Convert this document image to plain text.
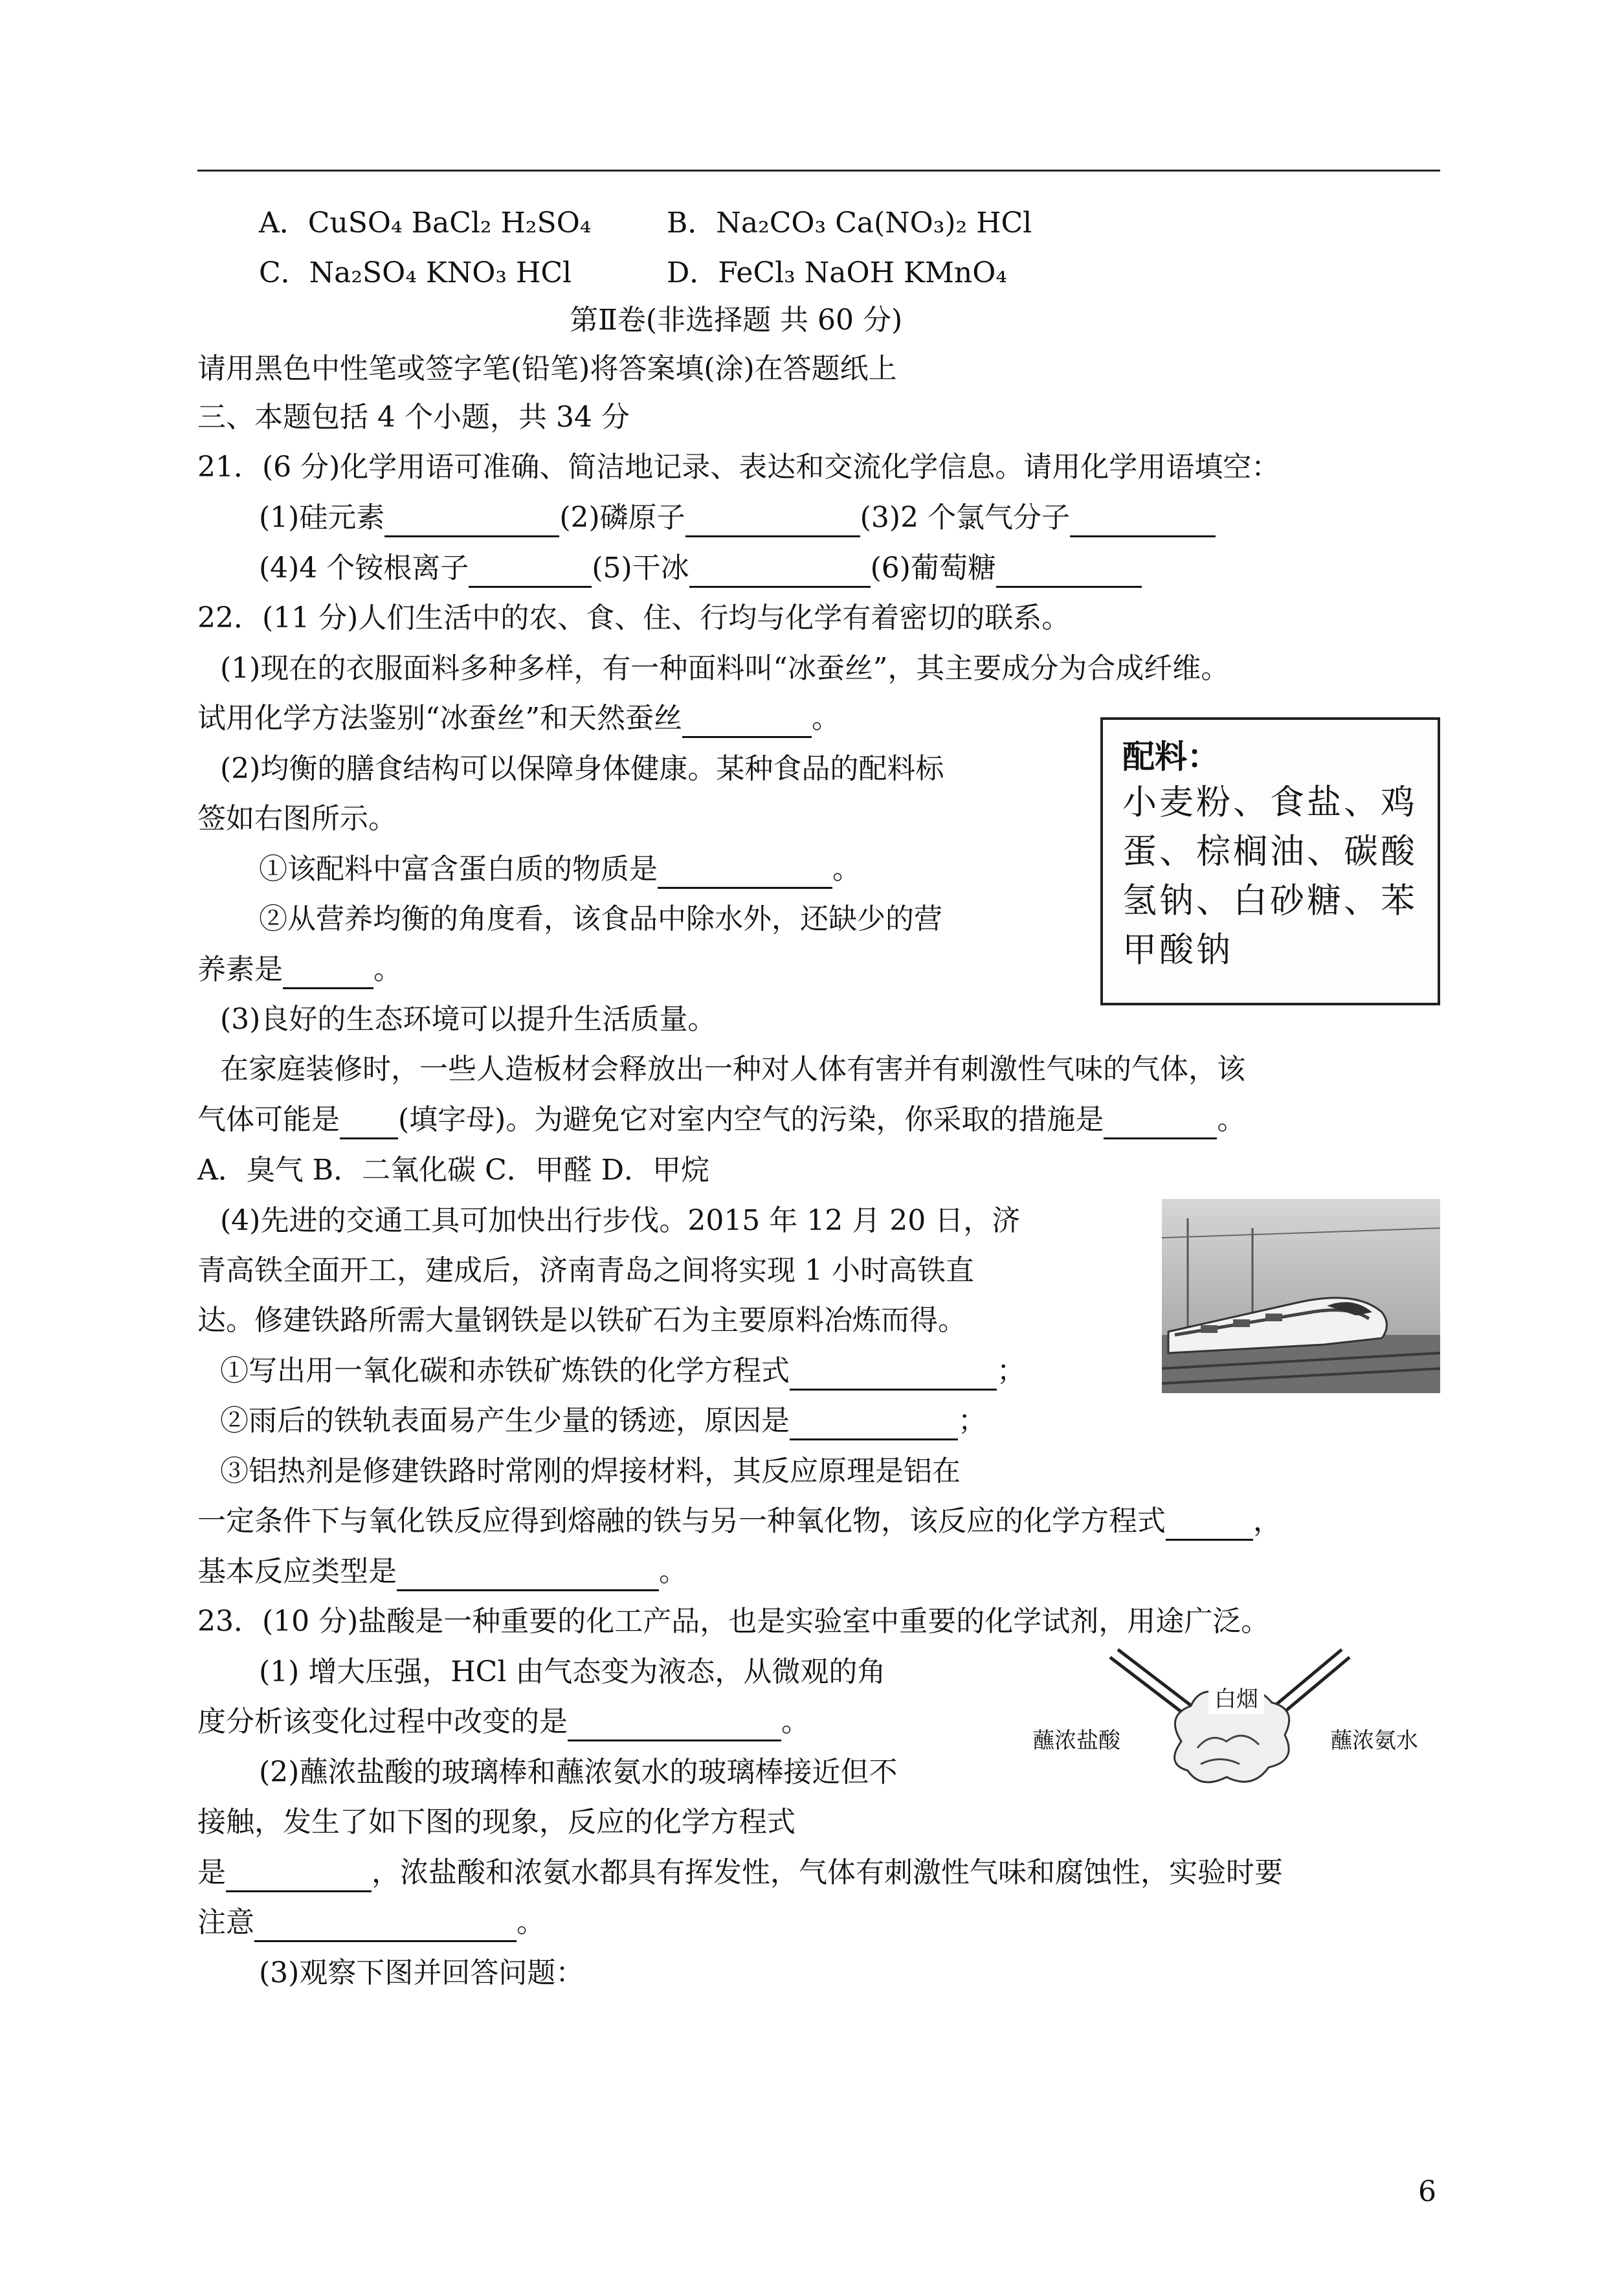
A．CuSO₄ BaCl₂ H₂SO₄	B．Na₂CO₃ Ca(NO₃)₂ HCl
C．Na₂SO₄ KNO₃ HCl	D．FeCl₃ NaOH KMnO₄
第Ⅱ卷(非选择题 共 60 分)
请用黑色中性笔或签字笔(铅笔)将答案填(涂)在答题纸上
三、本题包括 4 个小题，共 34 分
21．(6 分)化学用语可准确、简洁地记录、表达和交流化学信息。请用化学用语填空：
(1)硅元素	(2)磷原子	(3)2 个氯气分子
(4)4 个铵根离子	(5)干冰	(6)葡萄糖
22．(11 分)人们生活中的农、食、住、行均与化学有着密切的联系。
(1)现在的衣服面料多种多样，有一种面料叫“冰蚕丝”，其主要成分为合成纤维。
试用化学方法鉴别“冰蚕丝”和天然蚕丝	。
(2)均衡的膳食结构可以保障身体健康。某种食品的配料标
签如右图所示。
①该配料中富含蛋白质的物质是	。
②从营养均衡的角度看，该食品中除水外，还缺少的营
养素是	。
配料：
小麦粉、食盐、鸡
蛋、棕榈油、碳酸
氢钠、白砂糖、苯
甲酸钠
(3)良好的生态环境可以提升生活质量。
在家庭装修时，一些人造板材会释放出一种对人体有害并有刺激性气味的气体，该
气体可能是 (填字母)。为避免它对室内空气的污染，你采取的措施是	。
A．臭气 B．二氧化碳 C．甲醛 D．甲烷
(4)先进的交通工具可加快出行步伐。2015 年 12 月 20 日，济
青高铁全面开工，建成后，济南青岛之间将实现 1 小时高铁直
达。修建铁路所需大量钢铁是以铁矿石为主要原料冶炼而得。
①写出用一氧化碳和赤铁矿炼铁的化学方程式	；
②雨后的铁轨表面易产生少量的锈迹，原因是	；
③铝热剂是修建铁路时常刚的焊接材料，其反应原理是铝在
一定条件下与氧化铁反应得到熔融的铁与另一种氧化物，该反应的化学方程式	，
基本反应类型是	。
23．(10 分)盐酸是一种重要的化工产品，也是实验室中重要的化学试剂，用途广泛。
(1) 增大压强，HCl 由气态变为液态，从微观的角
度分析该变化过程中改变的是	。
(2)蘸浓盐酸的玻璃棒和蘸浓氨水的玻璃棒接近但不
接触，发生了如下图的现象，反应的化学方程式
是	，浓盐酸和浓氨水都具有挥发性，气体有刺激性气味和腐蚀性，实验时要
注意	。
(3)观察下图并回答问题：
白烟
蘸浓盐酸	蘸浓氨水
6
